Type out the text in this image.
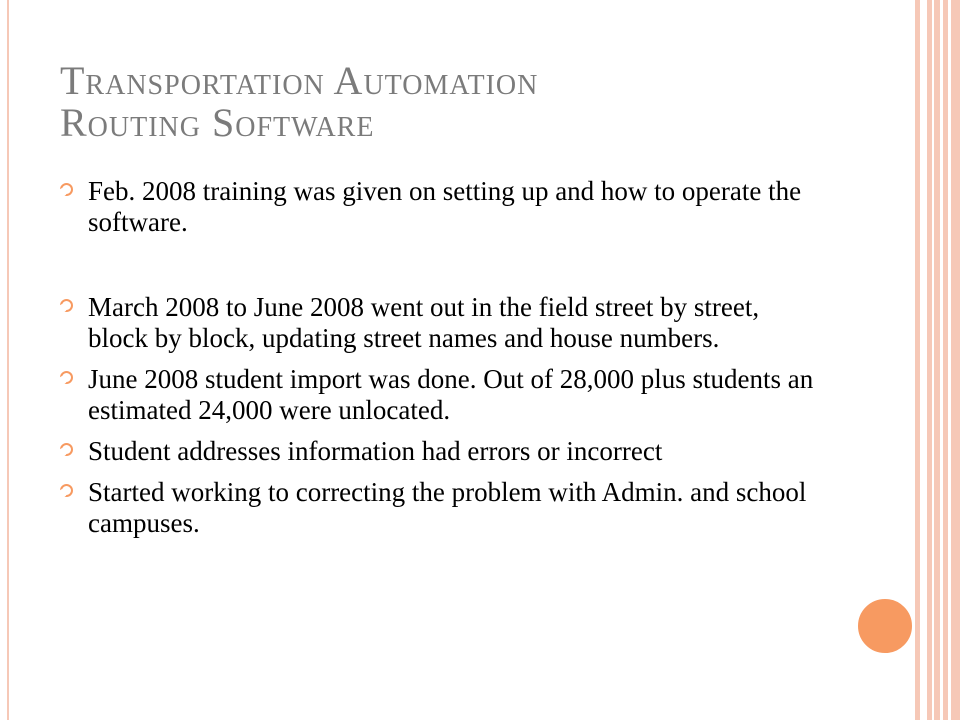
Transportation Automation
Routing Software
Feb. 2008 training was given on setting up and how to operate the software.
March 2008 to June 2008 went out in the field street by street, block by block, updating street names and house numbers.
June 2008 student import was done. Out of 28,000 plus students an estimated 24,000 were unlocated.
Student addresses information had errors or incorrect
Started working to correcting the problem with Admin. and school campuses.
